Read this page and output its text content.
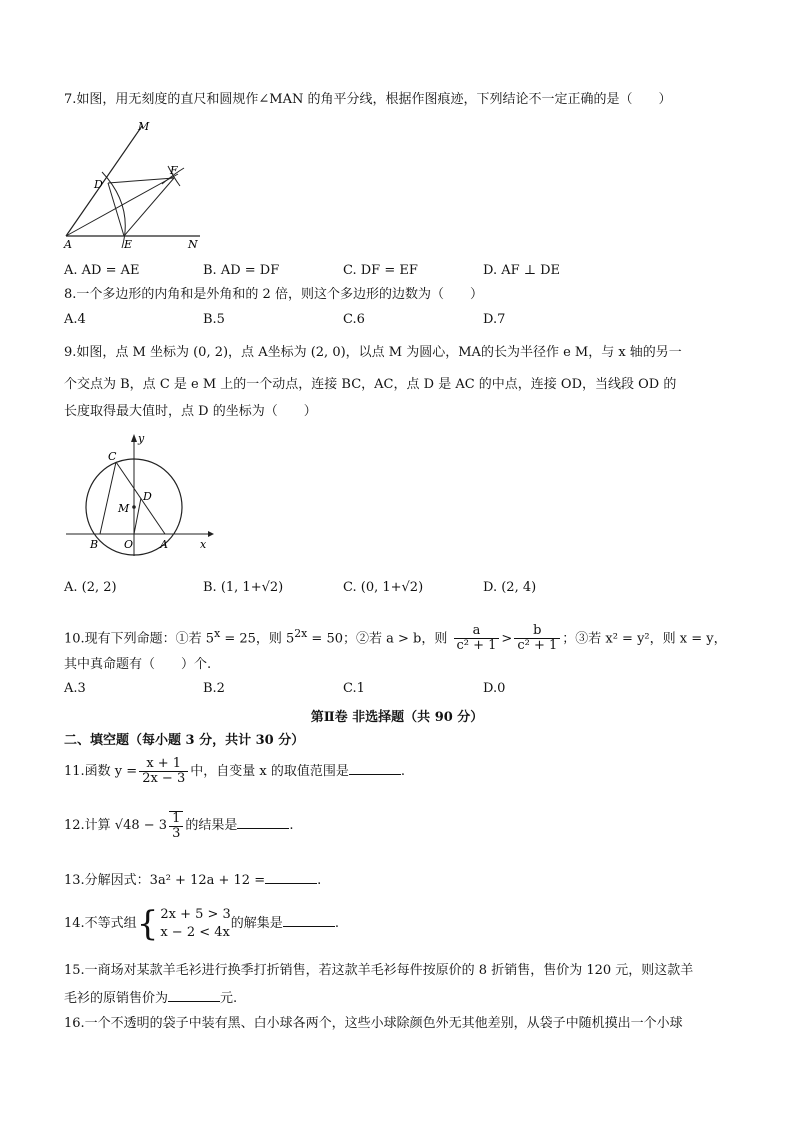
7.如图，用无刻度的直尺和圆规作∠MAN 的角平分线，根据作图痕迹，下列结论不一定正确的是（　　）
M
D
F
A	E	N
A. AD = AE	B. AD = DF	C. DF = EF	D. AF ⊥ DE
8.一个多边形的内角和是外角和的 2 倍，则这个多边形的边数为（　　）
A.4	B.5	C.6	D.7
9.如图，点 M 坐标为 (0, 2)，点 A坐标为 (2, 0)，以点 M 为圆心，MA的长为半径作 e M，与 x 轴的另一
个交点为 B，点 C 是 e M 上的一个动点，连接 BC，AC，点 D 是 AC 的中点，连接 OD，当线段 OD 的
长度取得最大值时，点 D 的坐标为（　　）
y
C
D
M
B O A	x
A. (2, 2)	B. (1, 1+√2)	C. (0, 1+√2)	D. (2, 4)
10.现有下列命题：①若 $5^x = 25$，则 $5^{2x} = 50$；②若 a > b，则 $\frac{a}{\text{c² + 1}} > \frac{b}{\text{c² + 1}}$ ；③若 x² = y²，则 x = y，
其中真命题有（　　）个.
A.3	B.2	C.1	D.0
第Ⅱ卷 非选择题（共 90 分）
二、填空题（每小题 3 分，共计 30 分）
11.函数 $y = \frac{x + 1}{2x - 3}$ 中，自变量 x 的取值范围是	.
12.计算 $√48 - 3 \frac{1}{3}$ 的结果是	.
13.分解因式：3a² + 12a + 12 =	.
14.不等式组{ 2x + 5 > 3
x − 2 < 4x
的解集是	.
15.一商场对某款羊毛衫进行换季打折销售，若这款羊毛衫每件按原价的 8 折销售，售价为 120 元，则这款羊
毛衫的原销售价为	元.
16.一个不透明的袋子中装有黑、白小球各两个，这些小球除颜色外无其他差别，从袋子中随机摸出一个小球
